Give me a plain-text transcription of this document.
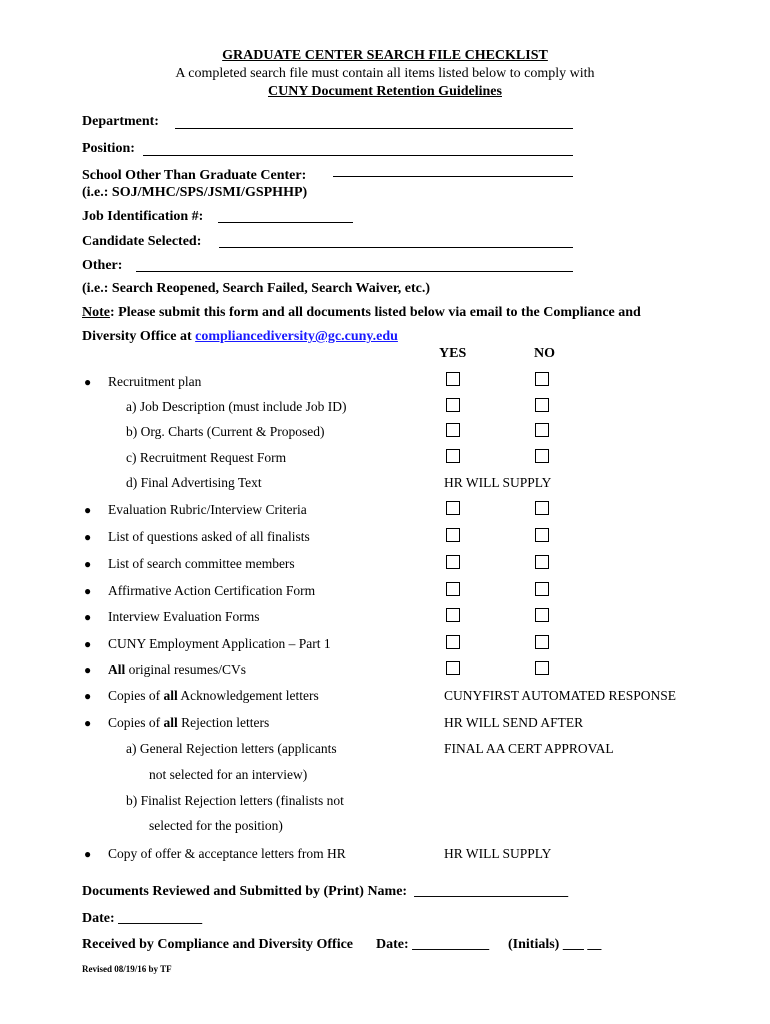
GRADUATE CENTER SEARCH FILE CHECKLIST
A completed search file must contain all items listed below to comply with
CUNY Document Retention Guidelines
Department:
Position:
School Other Than Graduate Center:
(i.e.: SOJ/MHC/SPS/JSMI/GSPHHP)
Job Identification #:
Candidate Selected:
Other:
(i.e.: Search Reopened, Search Failed, Search Waiver, etc.)
Note: Please submit this form and all documents listed below via email to the Compliance and
Diversity Office at compliancediversity@gc.cuny.edu
YES	NO
● Recruitment plan
a) Job Description (must include Job ID)
b) Org. Charts (Current & Proposed)
c) Recruitment Request Form
d) Final Advertising Text	HR WILL SUPPLY
● Evaluation Rubric/Interview Criteria
● List of questions asked of all finalists
● List of search committee members
● Affirmative Action Certification Form
● Interview Evaluation Forms
● CUNY Employment Application – Part 1
● All original resumes/CVs
● Copies of all Acknowledgement letters	CUNYFIRST AUTOMATED RESPONSE
● Copies of all Rejection letters	HR WILL SEND AFTER
a) General Rejection letters (applicants	FINAL AA CERT APPROVAL
not selected for an interview)
b) Finalist Rejection letters (finalists not
selected for the position)
● Copy of offer & acceptance letters from HR	HR WILL SUPPLY
Documents Reviewed and Submitted by (Print) Name: ______________________
Date: ____________
Received by Compliance and Diversity Office Date: ___________ (Initials) ___ __
Revised 08/19/16 by TF
